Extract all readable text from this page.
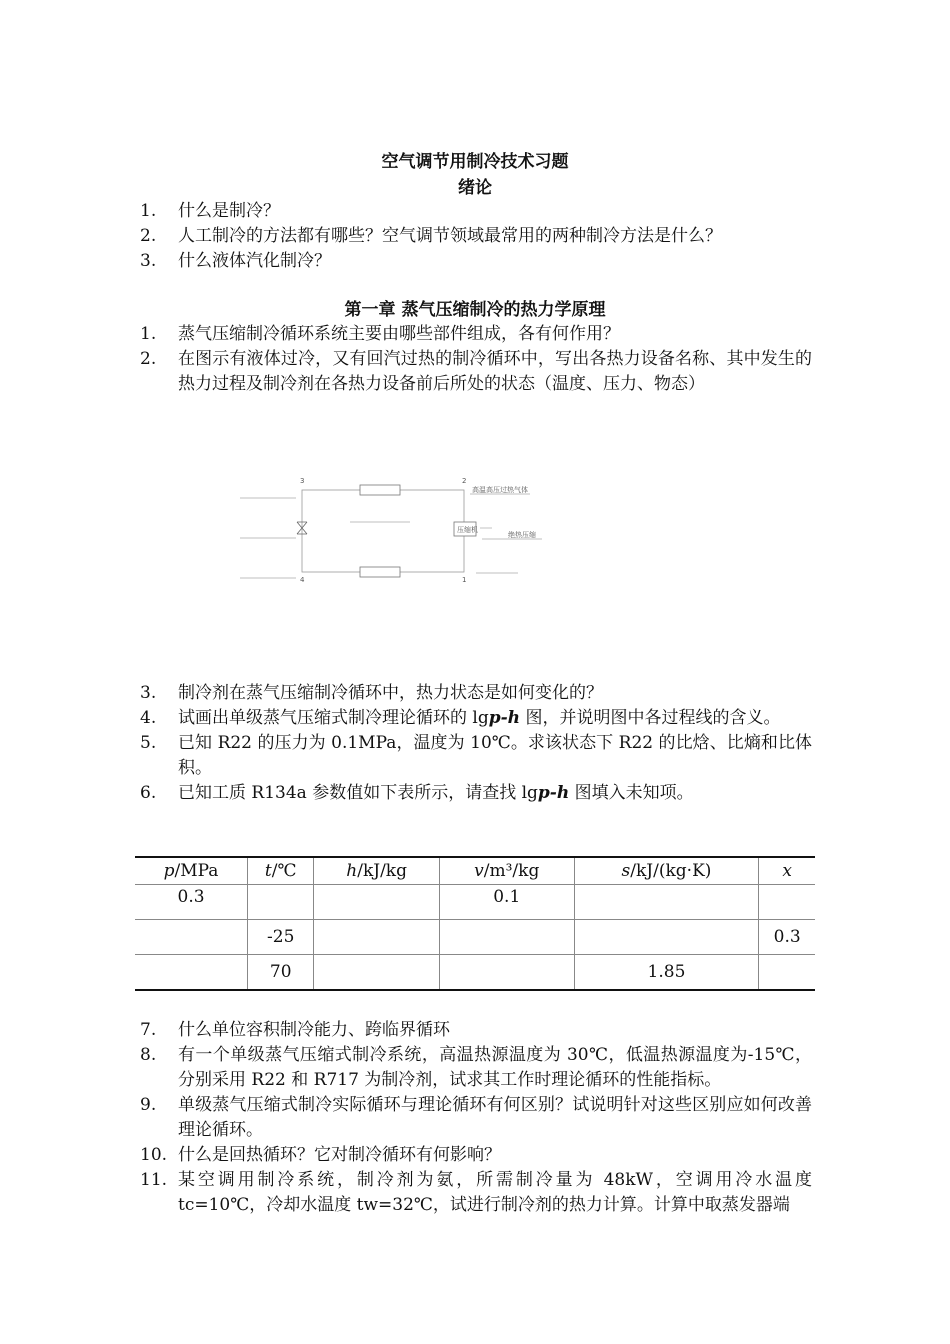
空气调节用制冷技术习题
绪论
1.	什么是制冷？
2.	人工制冷的方法都有哪些？空气调节领域最常用的两种制冷方法是什么？
3.	什么液体汽化制冷？
第一章 蒸气压缩制冷的热力学原理
1.	蒸气压缩制冷循环系统主要由哪些部件组成，各有何作用？
2.	在图示有液体过冷，又有回汽过热的制冷循环中，写出各热力设备名称、其中发生的热力过程及制冷剂在各热力设备前后所处的状态（温度、压力、物态）
3	2
1
4
高温高压过热气体
压缩机
绝热压缩
3.	制冷剂在蒸气压缩制冷循环中，热力状态是如何变化的？
4.	试画出单级蒸气压缩式制冷理论循环的 lgp-h 图，并说明图中各过程线的含义。
5.	已知 R22 的压力为 0.1MPa，温度为 10℃。求该状态下 R22 的比焓、比熵和比体积。
6.	已知工质 R134a 参数值如下表所示，请查找 lgp-h 图填入未知项。
p/MPa	t/℃	h/kJ/kg	v/m³/kg	s/kJ/(kg·K)	x
0.3			0.1		
	-25				0.3
	70			1.85	
7.	什么单位容积制冷能力、跨临界循环
8.	有一个单级蒸气压缩式制冷系统，高温热源温度为 30℃，低温热源温度为-15℃，分别采用 R22 和 R717 为制冷剂，试求其工作时理论循环的性能指标。
9.	单级蒸气压缩式制冷实际循环与理论循环有何区别？试说明针对这些区别应如何改善理论循环。
10. 什么是回热循环？它对制冷循环有何影响？
11. 某空调用制冷系统，制冷剂为氨，所需制冷量为 48kW，空调用冷水温度 tc=10℃，冷却水温度 tw=32℃，试进行制冷剂的热力计算。计算中取蒸发器端
